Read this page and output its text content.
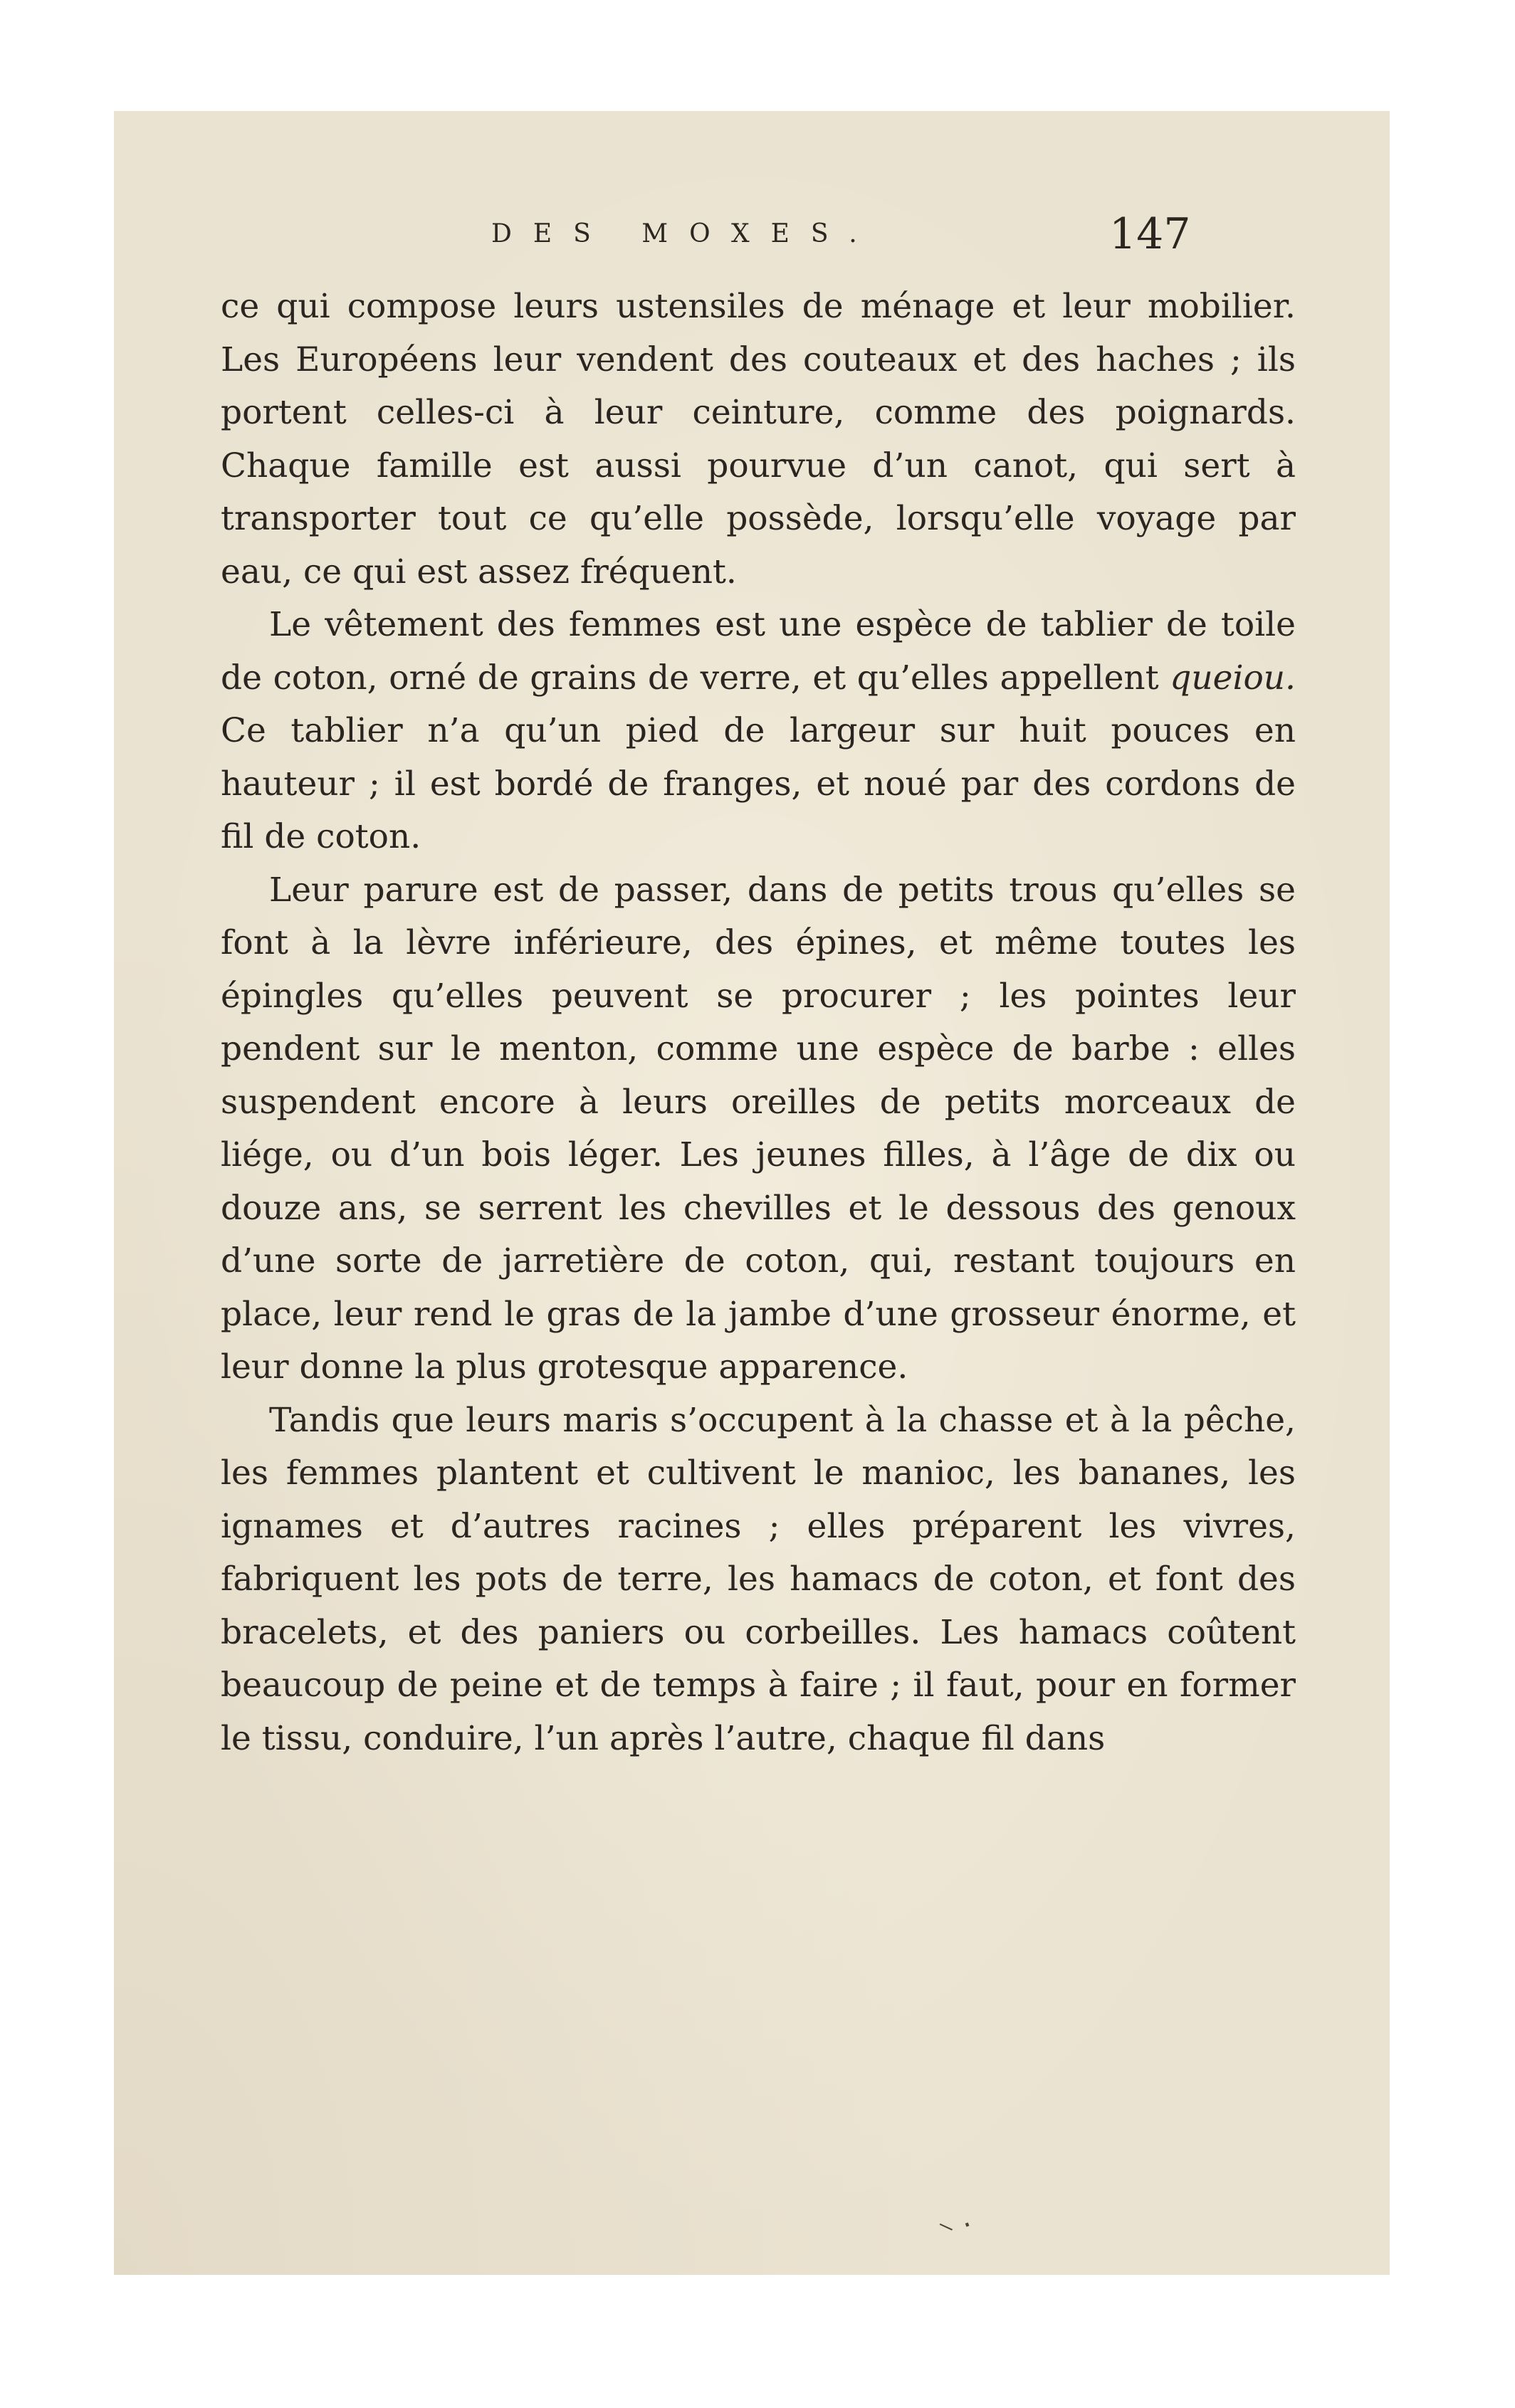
DES MOXES.	147

ce qui compose leurs ustensiles de ménage et leur mobilier. Les Européens leur vendent des couteaux et des haches ; ils portent celles-ci à leur ceinture, comme des poignards. Chaque famille est aussi pourvue d’un canot, qui sert à transporter tout ce qu’elle possède, lorsqu’elle voyage par eau, ce qui est assez fréquent.

Le vêtement des femmes est une espèce de tablier de toile de coton, orné de grains de verre, et qu’elles appellent queiou. Ce tablier n’a qu’un pied de largeur sur huit pouces en hauteur ; il est bordé de franges, et noué par des cordons de fil de coton.

Leur parure est de passer, dans de petits trous qu’elles se font à la lèvre inférieure, des épines, et même toutes les épingles qu’elles peuvent se procurer ; les pointes leur pendent sur le menton, comme une espèce de barbe : elles suspendent encore à leurs oreilles de petits morceaux de liége, ou d’un bois léger. Les jeunes filles, à l’âge de dix ou douze ans, se serrent les chevilles et le dessous des genoux d’une sorte de jarretière de coton, qui, restant toujours en place, leur rend le gras de la jambe d’une grosseur énorme, et leur donne la plus grotesque apparence.

Tandis que leurs maris s’occupent à la chasse et à la pêche, les femmes plantent et cultivent le manioc, les bananes, les ignames et d’autres racines ; elles préparent les vivres, fabriquent les pots de terre, les hamacs de coton, et font des bracelets, et des paniers ou corbeilles. Les hamacs coûtent beaucoup de peine et de temps à faire ; il faut, pour en former le tissu, conduire, l’un après l’autre, chaque fil dans

⸌ ·
